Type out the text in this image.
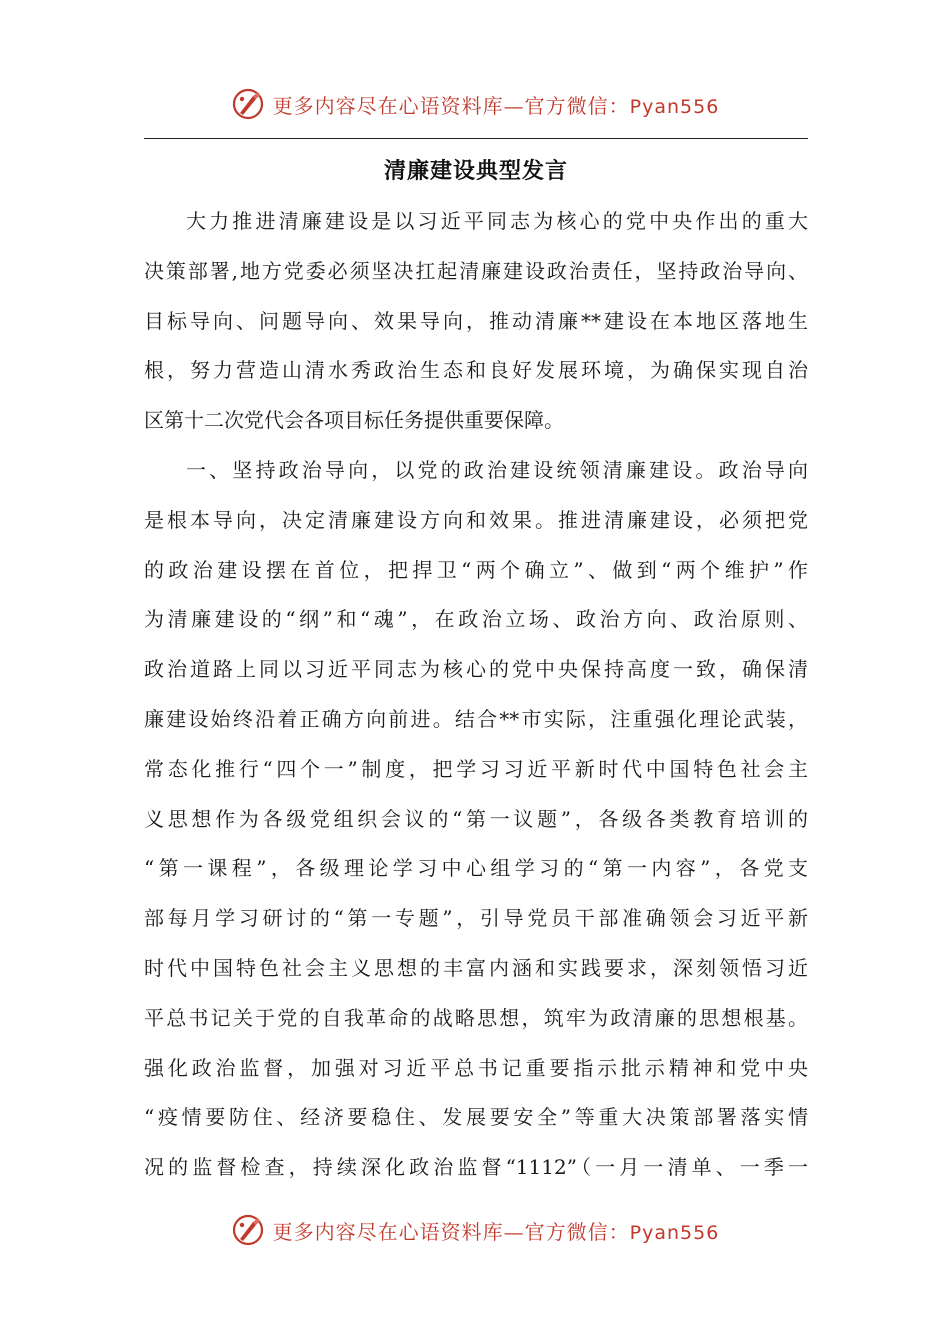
更多内容尽在心语资料库—官方微信：Pyan556
清廉建设典型发言
大力推进清廉建设是以习近平同志为核心的党中央作出的重大
决策部署,地方党委必须坚决扛起清廉建设政治责任，坚持政治导向、
目标导向、问题导向、效果导向，推动清廉**建设在本地区落地生
根，努力营造山清水秀政治生态和良好发展环境，为确保实现自治
区第十二次党代会各项目标任务提供重要保障。
一、坚持政治导向，以党的政治建设统领清廉建设。政治导向
是根本导向，决定清廉建设方向和效果。推进清廉建设，必须把党
的政治建设摆在首位，把捍卫“两个确立”、做到“两个维护”作
为清廉建设的“纲”和“魂”，在政治立场、政治方向、政治原则、
政治道路上同以习近平同志为核心的党中央保持高度一致，确保清
廉建设始终沿着正确方向前进。结合**市实际，注重强化理论武装，
常态化推行“四个一”制度，把学习习近平新时代中国特色社会主
义思想作为各级党组织会议的“第一议题”，各级各类教育培训的
“第一课程”，各级理论学习中心组学习的“第一内容”，各党支
部每月学习研讨的“第一专题”，引导党员干部准确领会习近平新
时代中国特色社会主义思想的丰富内涵和实践要求，深刻领悟习近
平总书记关于党的自我革命的战略思想，筑牢为政清廉的思想根基。
强化政治监督，加强对习近平总书记重要指示批示精神和党中央
“疫情要防住、经济要稳住、发展要安全”等重大决策部署落实情
况的监督检查，持续深化政治监督“1112”（一月一清单、一季一
更多内容尽在心语资料库—官方微信：Pyan556
